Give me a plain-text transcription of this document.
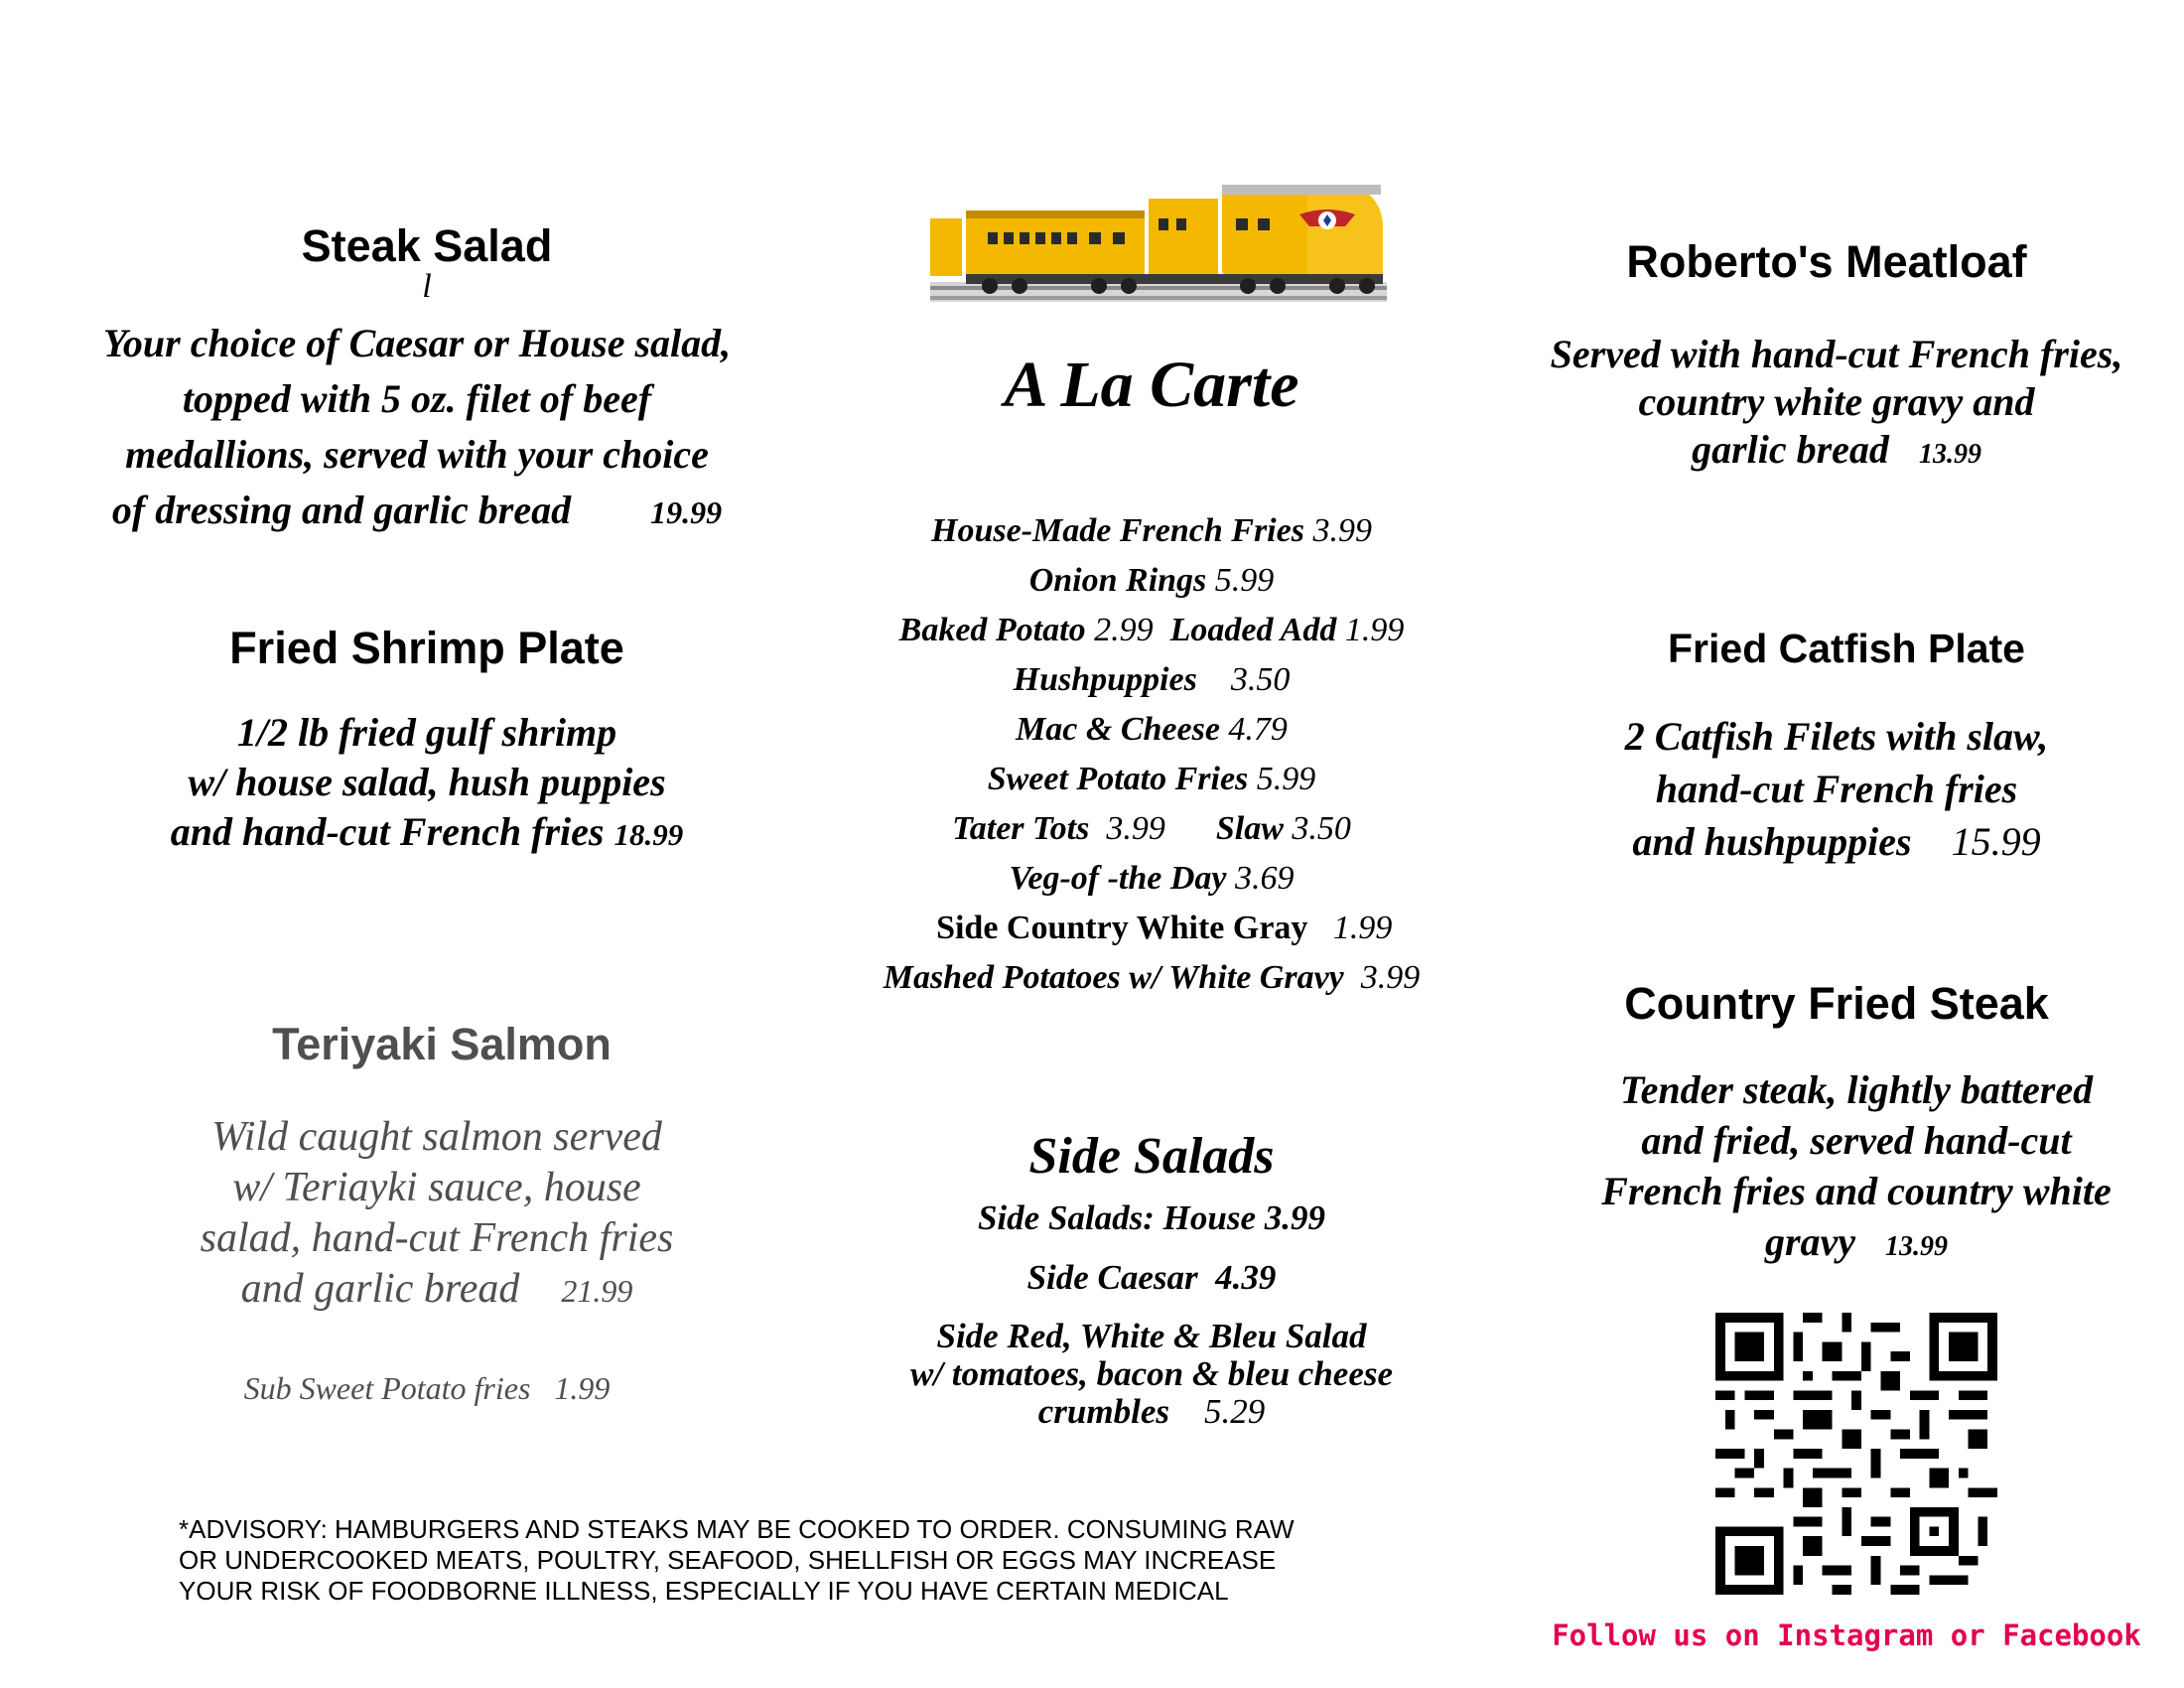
Steak Salad
l
Your choice of Caesar or House salad,
topped with 5 oz. filet of beef
medallions, served with your choice
of dressing and garlic bread	19.99
Fried Shrimp Plate
1/2 lb fried gulf shrimp
w/ house salad, hush puppies
and hand-cut French fries 18.99
Teriyaki Salmon
Wild caught salmon served
w/ Teriayki sauce, house
salad, hand-cut French fries
and garlic bread 21.99
Sub Sweet Potato fries 1.99
A La Carte
House-Made French Fries 3.99
Onion Rings 5.99
Baked Potato 2.99 Loaded Add 1.99
Hushpuppies 3.50
Mac & Cheese 4.79
Sweet Potato Fries 5.99
Tater Tots 3.99 Slaw 3.50
Veg-of -the Day 3.69
Side Country White Gray 1.99
Mashed Potatoes w/ White Gravy 3.99
Side Salads
Side Salads: House 3.99
Side Caesar 4.39
Side Red, White & Bleu Salad
w/ tomatoes, bacon & bleu cheese
crumbles 5.29
Roberto's Meatloaf
Served with hand-cut French fries,
country white gravy and
garlic bread 13.99
Fried Catfish Plate
2 Catfish Filets with slaw,
hand-cut French fries
and hushpuppies 15.99
Country Fried Steak
Tender steak, lightly battered
and fried, served hand-cut
French fries and country white
gravy 13.99
Follow us on Instagram or Facebook
*ADVISORY: HAMBURGERS AND STEAKS MAY BE COOKED TO ORDER. CONSUMING RAW
OR UNDERCOOKED MEATS, POULTRY, SEAFOOD, SHELLFISH OR EGGS MAY INCREASE
YOUR RISK OF FOODBORNE ILLNESS, ESPECIALLY IF YOU HAVE CERTAIN MEDICAL
